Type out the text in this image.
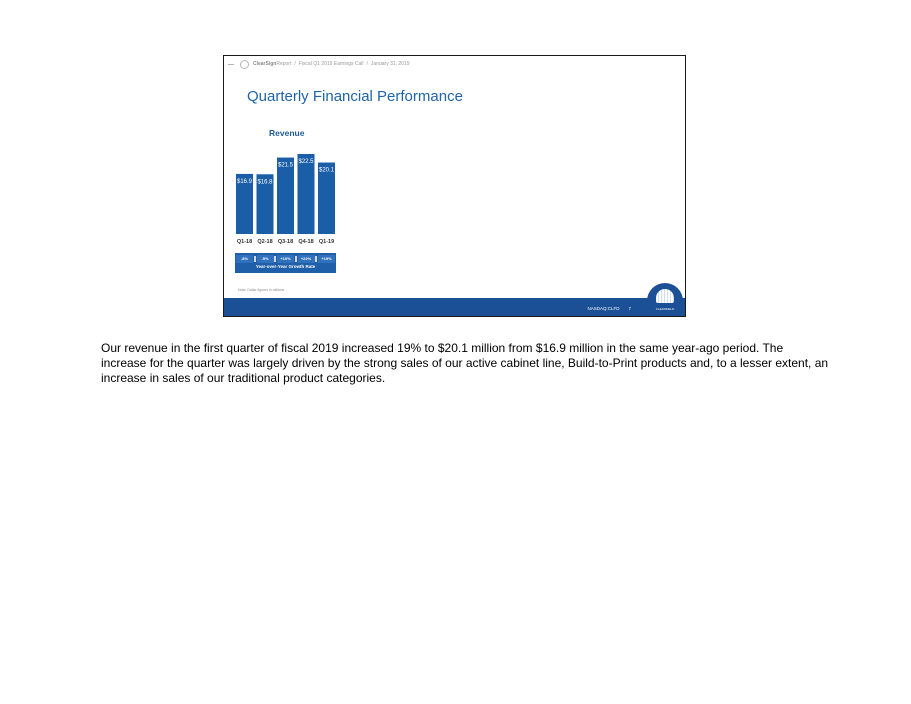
ClearSign Report / Fiscal Q1 2019 Earnings Call / January 31, 2019
Quarterly Financial Performance
Revenue
$16.9
Q1-18
$16.8
Q2-18
$21.5
Q3-18
$22.5
Q4-18
$20.1
Q1-19
-8%	-5%	+10%	+22%	+19%
Year-over-Year Growth Rate
Note: Dollar figures in millions
NASDAQ:CLFD 7	CLEARFIELD
Our revenue in the first quarter of fiscal 2019 increased 19% to $20.1 million from $16.9 million in the same year-ago period. The increase for the quarter was largely driven by the strong sales of our active cabinet line, Build-to-Print products and, to a lesser extent, an increase in sales of our traditional product categories.
